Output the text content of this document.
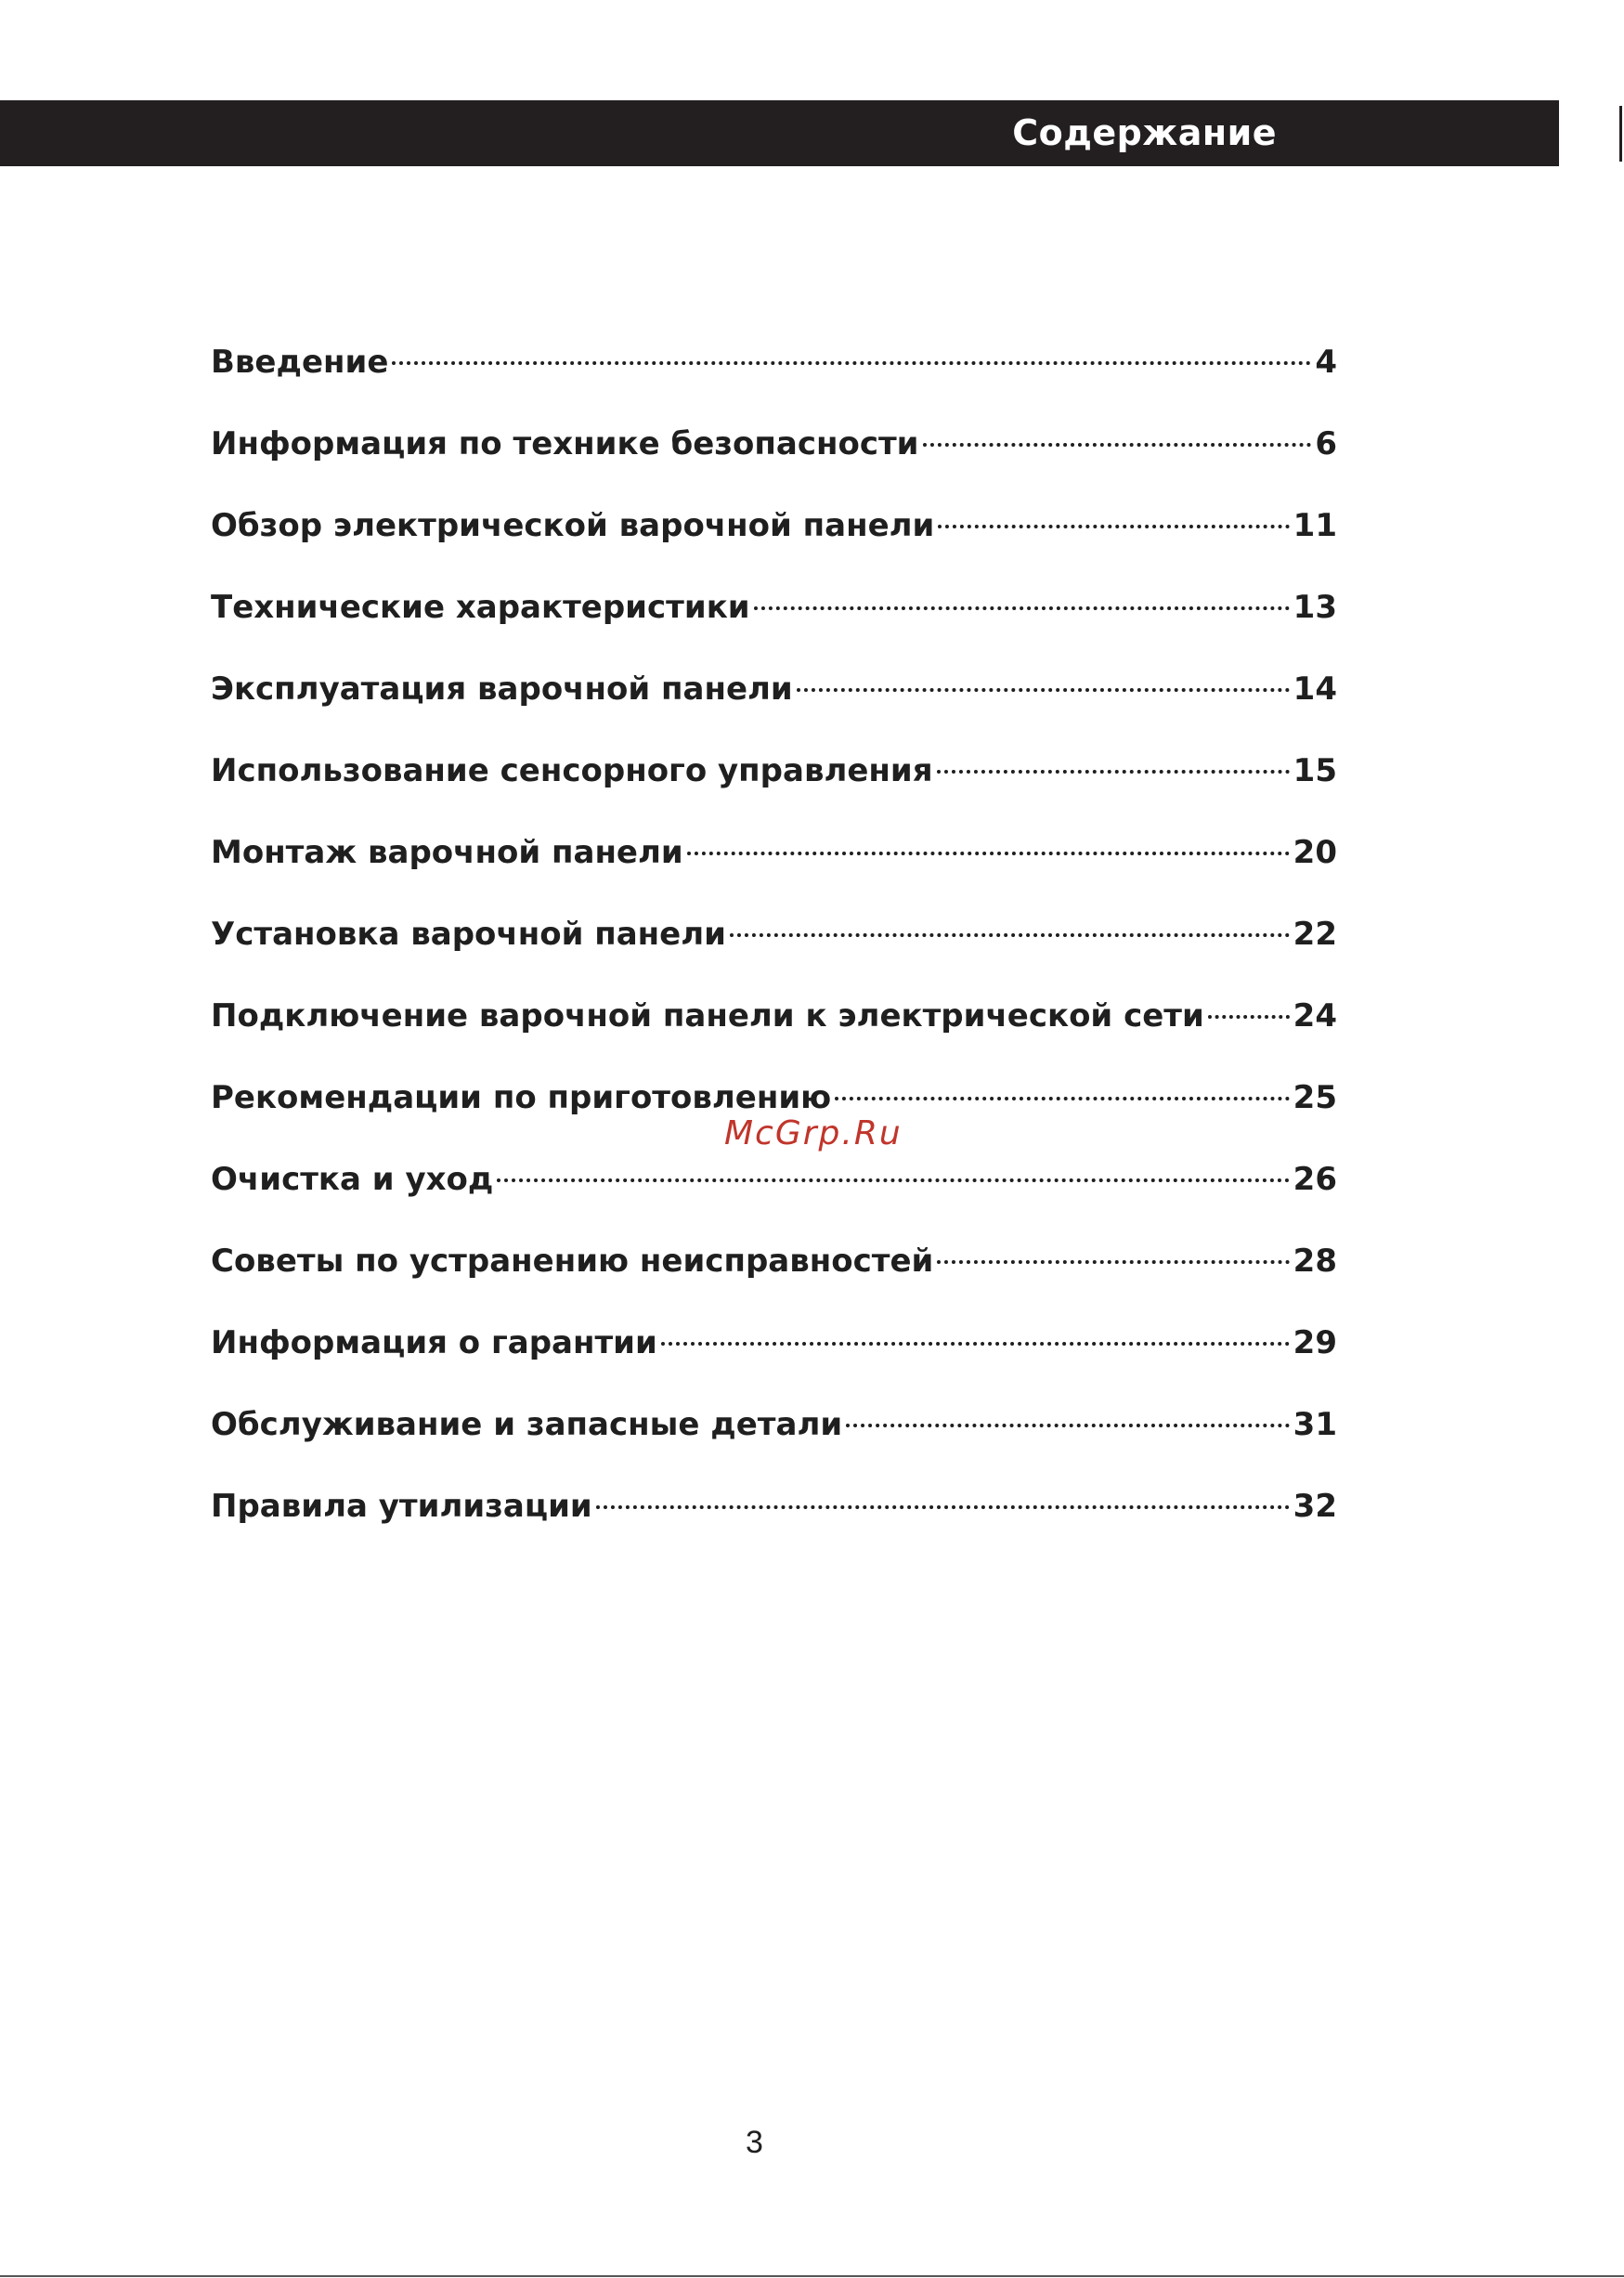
Содержание
Введение	4
Информация по технике безопасности	6
Обзор электрической варочной панели	11
Технические характеристики	13
Эксплуатация варочной панели	14
Использование сенсорного управления	15
Монтаж варочной панели	20
Установка варочной панели	22
Подключение варочной панели к электрической сети	24
Рекомендации по приготовлению	25
Очистка и уход	26
Советы по устранению неисправностей	28
Информация о гарантии	29
Обслуживание и запасные детали	31
Правила утилизации	32
McGrp.Ru
3
